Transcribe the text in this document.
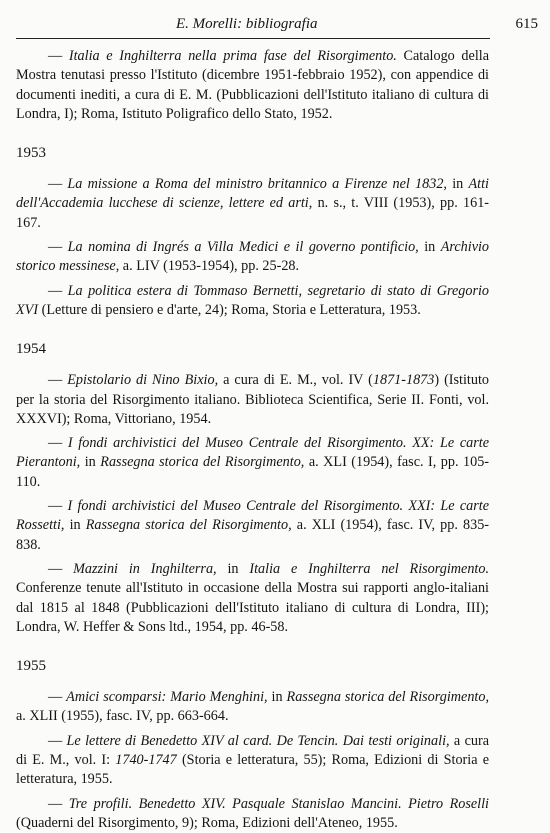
E. Morelli: bibliografia	615

— Italia e Inghilterra nella prima fase del Risorgimento. Catalogo della Mostra tenutasi presso l'Istituto (dicembre 1951-febbraio 1952), con appendice di documenti inediti, a cura di E. M. (Pubblicazioni dell'Istituto italiano di cultura di Londra, I); Roma, Istituto Poligrafico dello Stato, 1952.

1953

— La missione a Roma del ministro britannico a Firenze nel 1832, in Atti dell'Accademia lucchese di scienze, lettere ed arti, n. s., t. VIII (1953), pp. 161-167.

— La nomina di Ingrés a Villa Medici e il governo pontificio, in Archivio storico messinese, a. LIV (1953-1954), pp. 25-28.

— La politica estera di Tommaso Bernetti, segretario di stato di Gregorio XVI (Letture di pensiero e d'arte, 24); Roma, Storia e Letteratura, 1953.

1954

— Epistolario di Nino Bixio, a cura di E. M., vol. IV (1871-1873) (Istituto per la storia del Risorgimento italiano. Biblioteca Scientifica, Serie II. Fonti, vol. XXXVI); Roma, Vittoriano, 1954.

— I fondi archivistici del Museo Centrale del Risorgimento. XX: Le carte Pierantoni, in Rassegna storica del Risorgimento, a. XLI (1954), fasc. I, pp. 105-110.

— I fondi archivistici del Museo Centrale del Risorgimento. XXI: Le carte Rossetti, in Rassegna storica del Risorgimento, a. XLI (1954), fasc. IV, pp. 835-838.

— Mazzini in Inghilterra, in Italia e Inghilterra nel Risorgimento. Conferenze tenute all'Istituto in occasione della Mostra sui rapporti anglo-italiani dal 1815 al 1848 (Pubblicazioni dell'Istituto italiano di cultura di Londra, III); Londra, W. Heffer & Sons ltd., 1954, pp. 46-58.

1955

— Amici scomparsi: Mario Menghini, in Rassegna storica del Risorgimento, a. XLII (1955), fasc. IV, pp. 663-664.

— Le lettere di Benedetto XIV al card. De Tencin. Dai testi originali, a cura di E. M., vol. I: 1740-1747 (Storia e letteratura, 55); Roma, Edizioni di Storia e letteratura, 1955.

— Tre profili. Benedetto XIV. Pasquale Stanislao Mancini. Pietro Roselli (Quaderni del Risorgimento, 9); Roma, Edizioni dell'Ateneo, 1955.
